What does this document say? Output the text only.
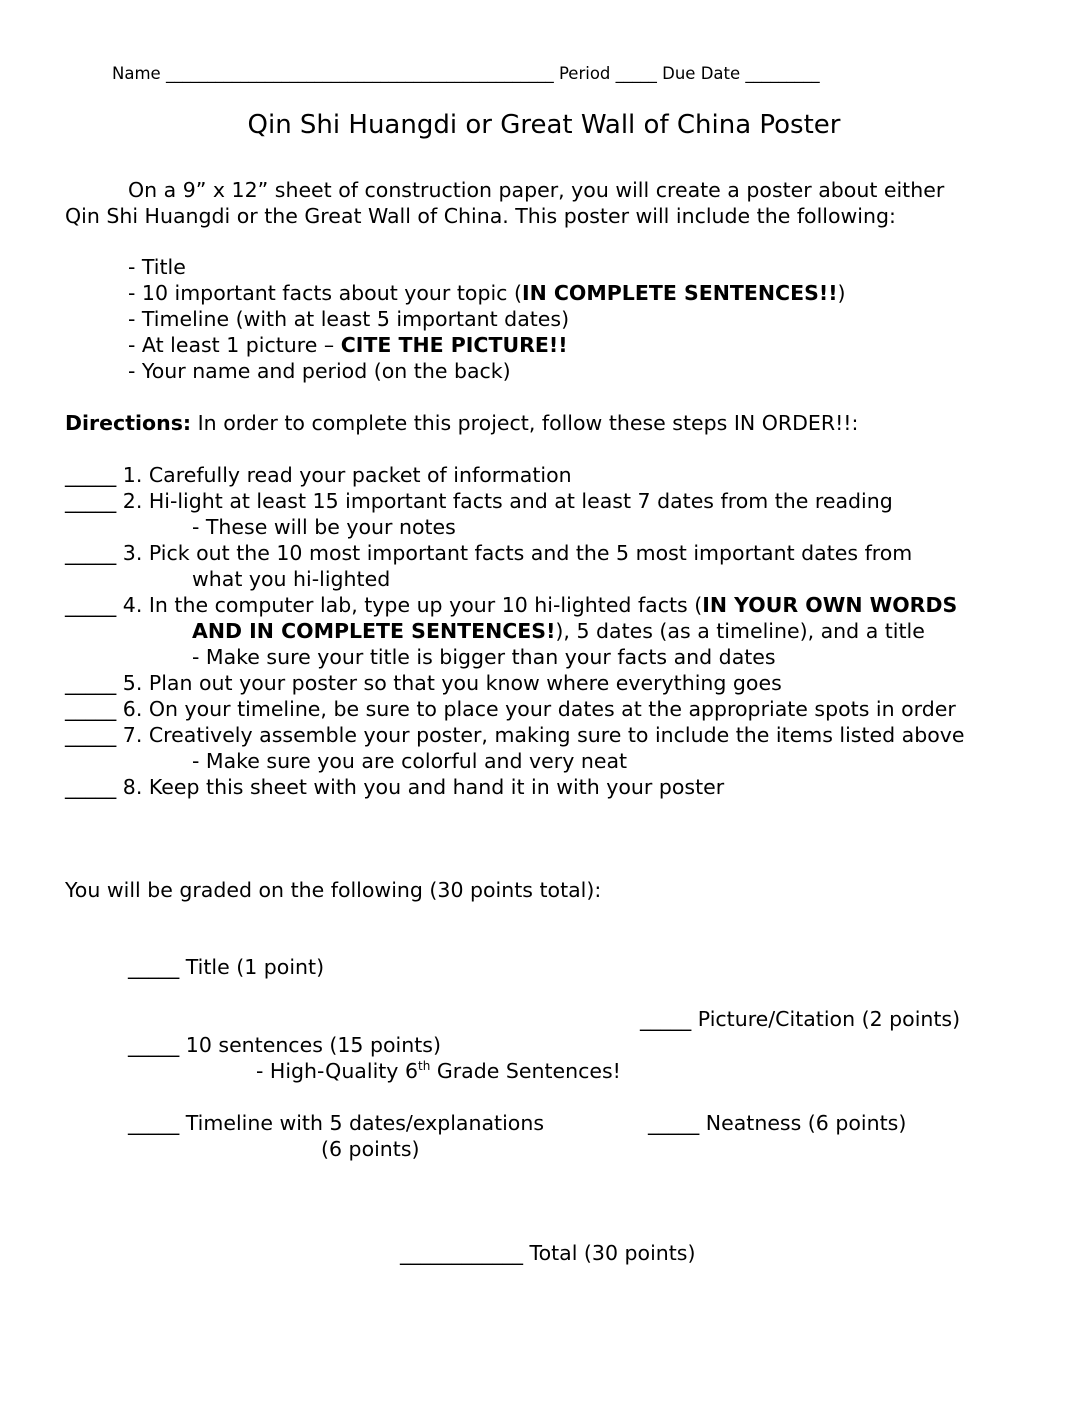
Name _______________________________________________ Period _____ Due Date _________
Qin Shi Huangdi or Great Wall of China Poster
On a 9” x 12” sheet of construction paper, you will create a poster about either
Qin Shi Huangdi or the Great Wall of China. This poster will include the following:
- Title
- 10 important facts about your topic (IN COMPLETE SENTENCES!!)
- Timeline (with at least 5 important dates)
- At least 1 picture – CITE THE PICTURE!!
- Your name and period (on the back)
Directions: In order to complete this project, follow these steps IN ORDER!!:
_____ 1. Carefully read your packet of information
_____ 2. Hi-light at least 15 important facts and at least 7 dates from the reading
- These will be your notes
_____ 3. Pick out the 10 most important facts and the 5 most important dates from
what you hi-lighted
_____ 4. In the computer lab, type up your 10 hi-lighted facts (IN YOUR OWN WORDS
AND IN COMPLETE SENTENCES!), 5 dates (as a timeline), and a title
- Make sure your title is bigger than your facts and dates
_____ 5. Plan out your poster so that you know where everything goes
_____ 6. On your timeline, be sure to place your dates at the appropriate spots in order
_____ 7. Creatively assemble your poster, making sure to include the items listed above
- Make sure you are colorful and very neat
_____ 8. Keep this sheet with you and hand it in with your poster
You will be graded on the following (30 points total):
_____ Title (1 point)
_____ Picture/Citation (2 points)
_____ 10 sentences (15 points)
- High-Quality 6th Grade Sentences!
_____ Timeline with 5 dates/explanations
(6 points)
_____ Neatness (6 points)
____________ Total (30 points)
